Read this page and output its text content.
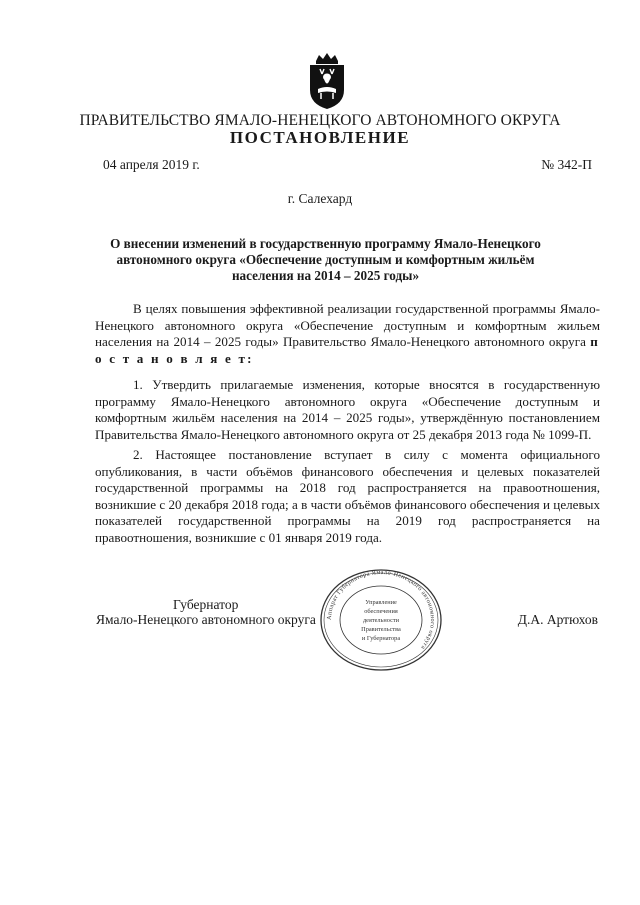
ПРАВИТЕЛЬСТВО ЯМАЛО-НЕНЕЦКОГО АВТОНОМНОГО ОКРУГА
ПОСТАНОВЛЕНИЕ
04 апреля 2019 г.	№ 342-П
г. Салехард
О внесении изменений в государственную программу Ямало-Ненецкого автономного округа «Обеспечение доступным и комфортным жильём населения на 2014 – 2025 годы»
В целях повышения эффективной реализации государственной программы Ямало-Ненецкого автономного округа «Обеспечение доступным и комфортным жильем населения на 2014 – 2025 годы» Правительство Ямало-Ненецкого автономного округа п о с т а н о в л я е т:
1. Утвердить прилагаемые изменения, которые вносятся в государственную программу Ямало-Ненецкого автономного округа «Обеспечение доступным и комфортным жильём населения на 2014 – 2025 годы», утверждённую постановлением Правительства Ямало-Ненецкого автономного округа от 25 декабря 2013 года № 1099-П.
2. Настоящее постановление вступает в силу с момента официального опубликования, в части объёмов финансового обеспечения и целевых показателей государственной программы на 2018 год распространяется на правоотношения, возникшие с 20 декабря 2018 года; а в части объёмов финансового обеспечения и целевых показателей государственной программы на 2019 год распространяется на правоотношения, возникшие с 01 января 2019 года.
Губернатор
Ямало-Ненецкого автономного округа	Д.А. Артюхов
Аппарат Губернатора Ямало-Ненецкого автономного округа
Управление
обеспечения
деятельности
Правительства
и Губернатора
